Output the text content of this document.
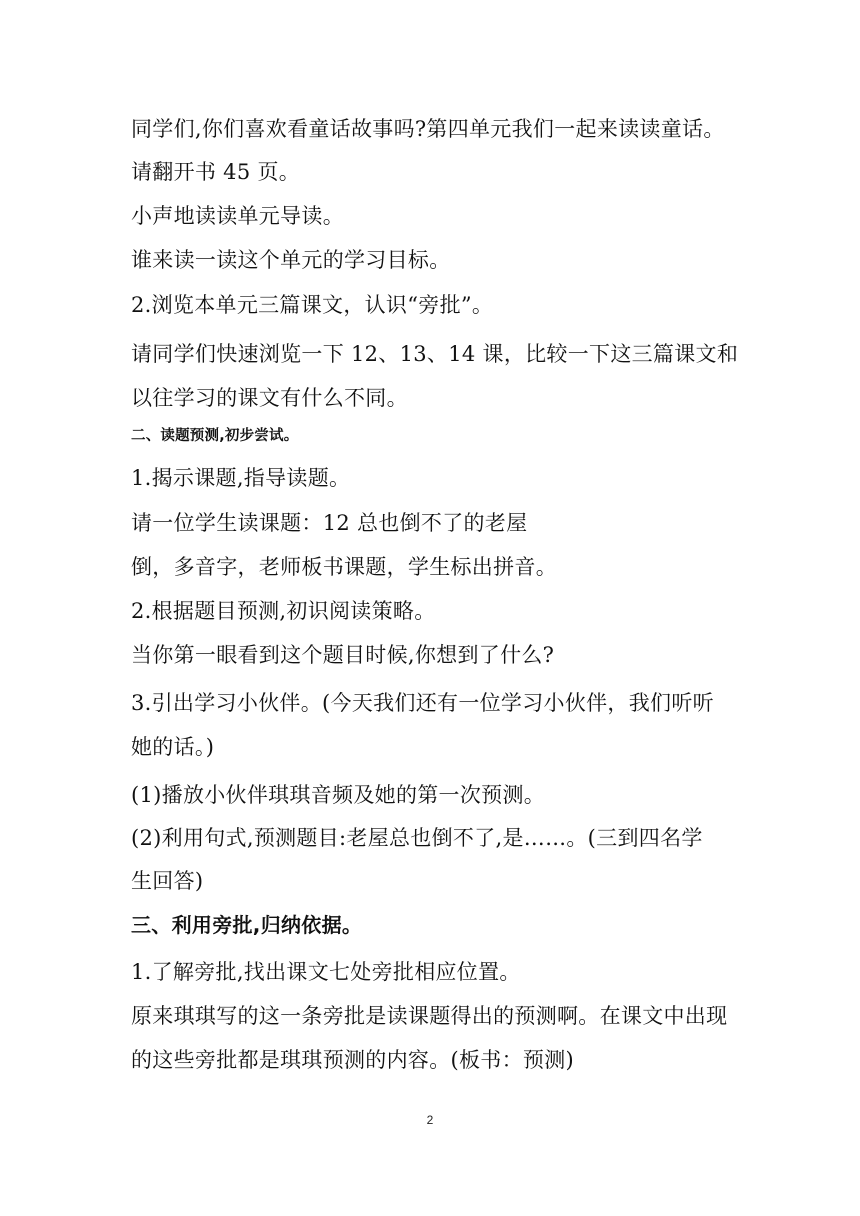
同学们,你们喜欢看童话故事吗?第四单元我们一起来读读童话。
请翻开书 45 页。
小声地读读单元导读。
谁来读一读这个单元的学习目标。
2.浏览本单元三篇课文，认识“旁批”。
请同学们快速浏览一下 12、13、14 课，比较一下这三篇课文和
以往学习的课文有什么不同。
二、读题预测,初步尝试。
1.揭示课题,指导读题。
请一位学生读课题：12 总也倒不了的老屋
倒，多音字，老师板书课题，学生标出拼音。
2.根据题目预测,初识阅读策略。
当你第一眼看到这个题目时候,你想到了什么?
3.引出学习小伙伴。(今天我们还有一位学习小伙伴，我们听听
她的话。)
(1)播放小伙伴琪琪音频及她的第一次预测。
(2)利用句式,预测题目:老屋总也倒不了,是……。(三到四名学
生回答)
三、利用旁批,归纳依据。
1.了解旁批,找出课文七处旁批相应位置。
原来琪琪写的这一条旁批是读课题得出的预测啊。在课文中出现
的这些旁批都是琪琪预测的内容。(板书：预测)
2
